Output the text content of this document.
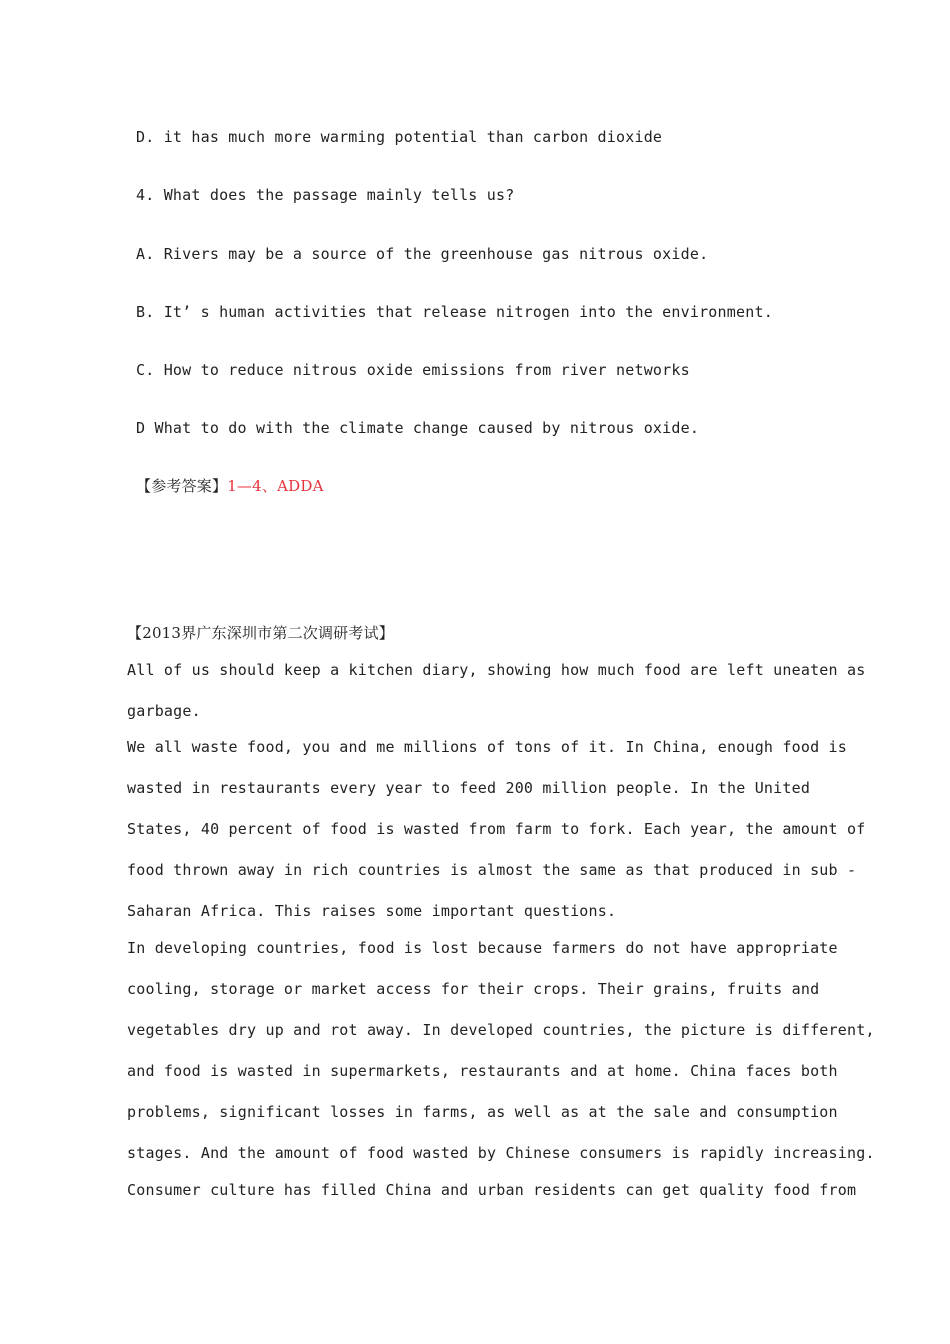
D. it has much more warming potential than carbon dioxide
4. What does the passage mainly tells us?
A. Rivers may be a source of the greenhouse gas nitrous oxide.
B. It’ s human activities that release nitrogen into the environment.
C. How to reduce nitrous oxide emissions from river networks
D What to do with the climate change caused by nitrous oxide.
【参考答案】1—4、ADDA
【2013界广东深圳市第二次调研考试】
All of us should keep a kitchen diary, showing how much food are left uneaten as
garbage.
We all waste food, you and me millions of tons of it. In China, enough food is
wasted in restaurants every year to feed 200 million people. In the United
States, 40 percent of food is wasted from farm to fork. Each year, the amount of
food thrown away in rich countries is almost the same as that produced in sub -
Saharan Africa. This raises some important questions.
In developing countries, food is lost because farmers do not have appropriate
cooling, storage or market access for their crops. Their grains, fruits and
vegetables dry up and rot away. In developed countries, the picture is different,
and food is wasted in supermarkets, restaurants and at home. China faces both
problems, significant losses in farms, as well as at the sale and consumption
stages. And the amount of food wasted by Chinese consumers is rapidly increasing.
Consumer culture has filled China and urban residents can get quality food from
